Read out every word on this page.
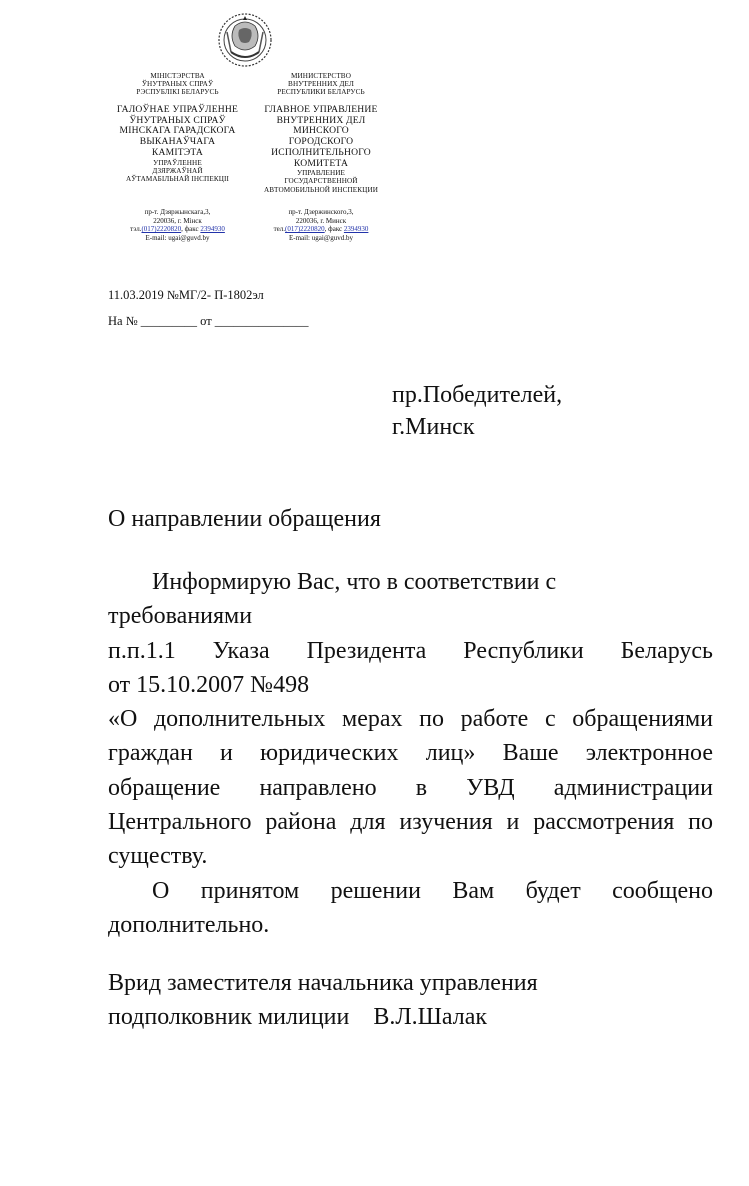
МІНІСТЭРСТВА
ЎНУТРАНЫХ СПРАЎ
РЭСПУБЛІКІ БЕЛАРУСЬ
ГАЛОЎНАЕ УПРАЎЛЕННЕ
ЎНУТРАНЫХ СПРАЎ
МІНСКАГА ГАРАДСКОГА
ВЫКАНАЎЧАГА
КАМІТЭТА
УПРАЎЛЕННЕ
ДЗЯРЖАЎНАЙ
АЎТАМАБІЛЬНАЙ ІНСПЕКЦІІ
пр-т. Дзяржынскага,3,
220036, г. Мінск
тэл.(017)2220820, факс 2394930
E-mail: ugai@guvd.by
МИНИСТЕРСТВО
ВНУТРЕННИХ ДЕЛ
РЕСПУБЛИКИ БЕЛАРУСЬ
ГЛАВНОЕ УПРАВЛЕНИЕ
ВНУТРЕННИХ ДЕЛ МИНСКОГО
ГОРОДСКОГО
ИСПОЛНИТЕЛЬНОГО
КОМИТЕТА
УПРАВЛЕНИЕ
ГОСУДАРСТВЕННОЙ
АВТОМОБИЛЬНОЙ ИНСПЕКЦИИ
пр-т. Дзержинского,3,
220036, г. Минск
тел.(017)2220820, факс 2394930
E-mail: ugai@guvd.by
11.03.2019 №МГ/2- П-1802эл
На № _________ от _______________
пр.Победителей,
г.Минск
О направлении обращения

Информирую Вас, что в соответствии с

требованиями

п.п.1.1 Указа Президента Республики Беларусь

от 15.10.2007 №498

«О дополнительных мерах по работе с обращениями граждан и юридических лиц» Ваше электронное обращение направлено в УВД администрации Центрального района для изучения и рассмотрения по существу.

О принятом решении Вам будет сообщено дополнительно.

Врид заместителя начальника управления
подполковник милиции    В.Л.Шалак
